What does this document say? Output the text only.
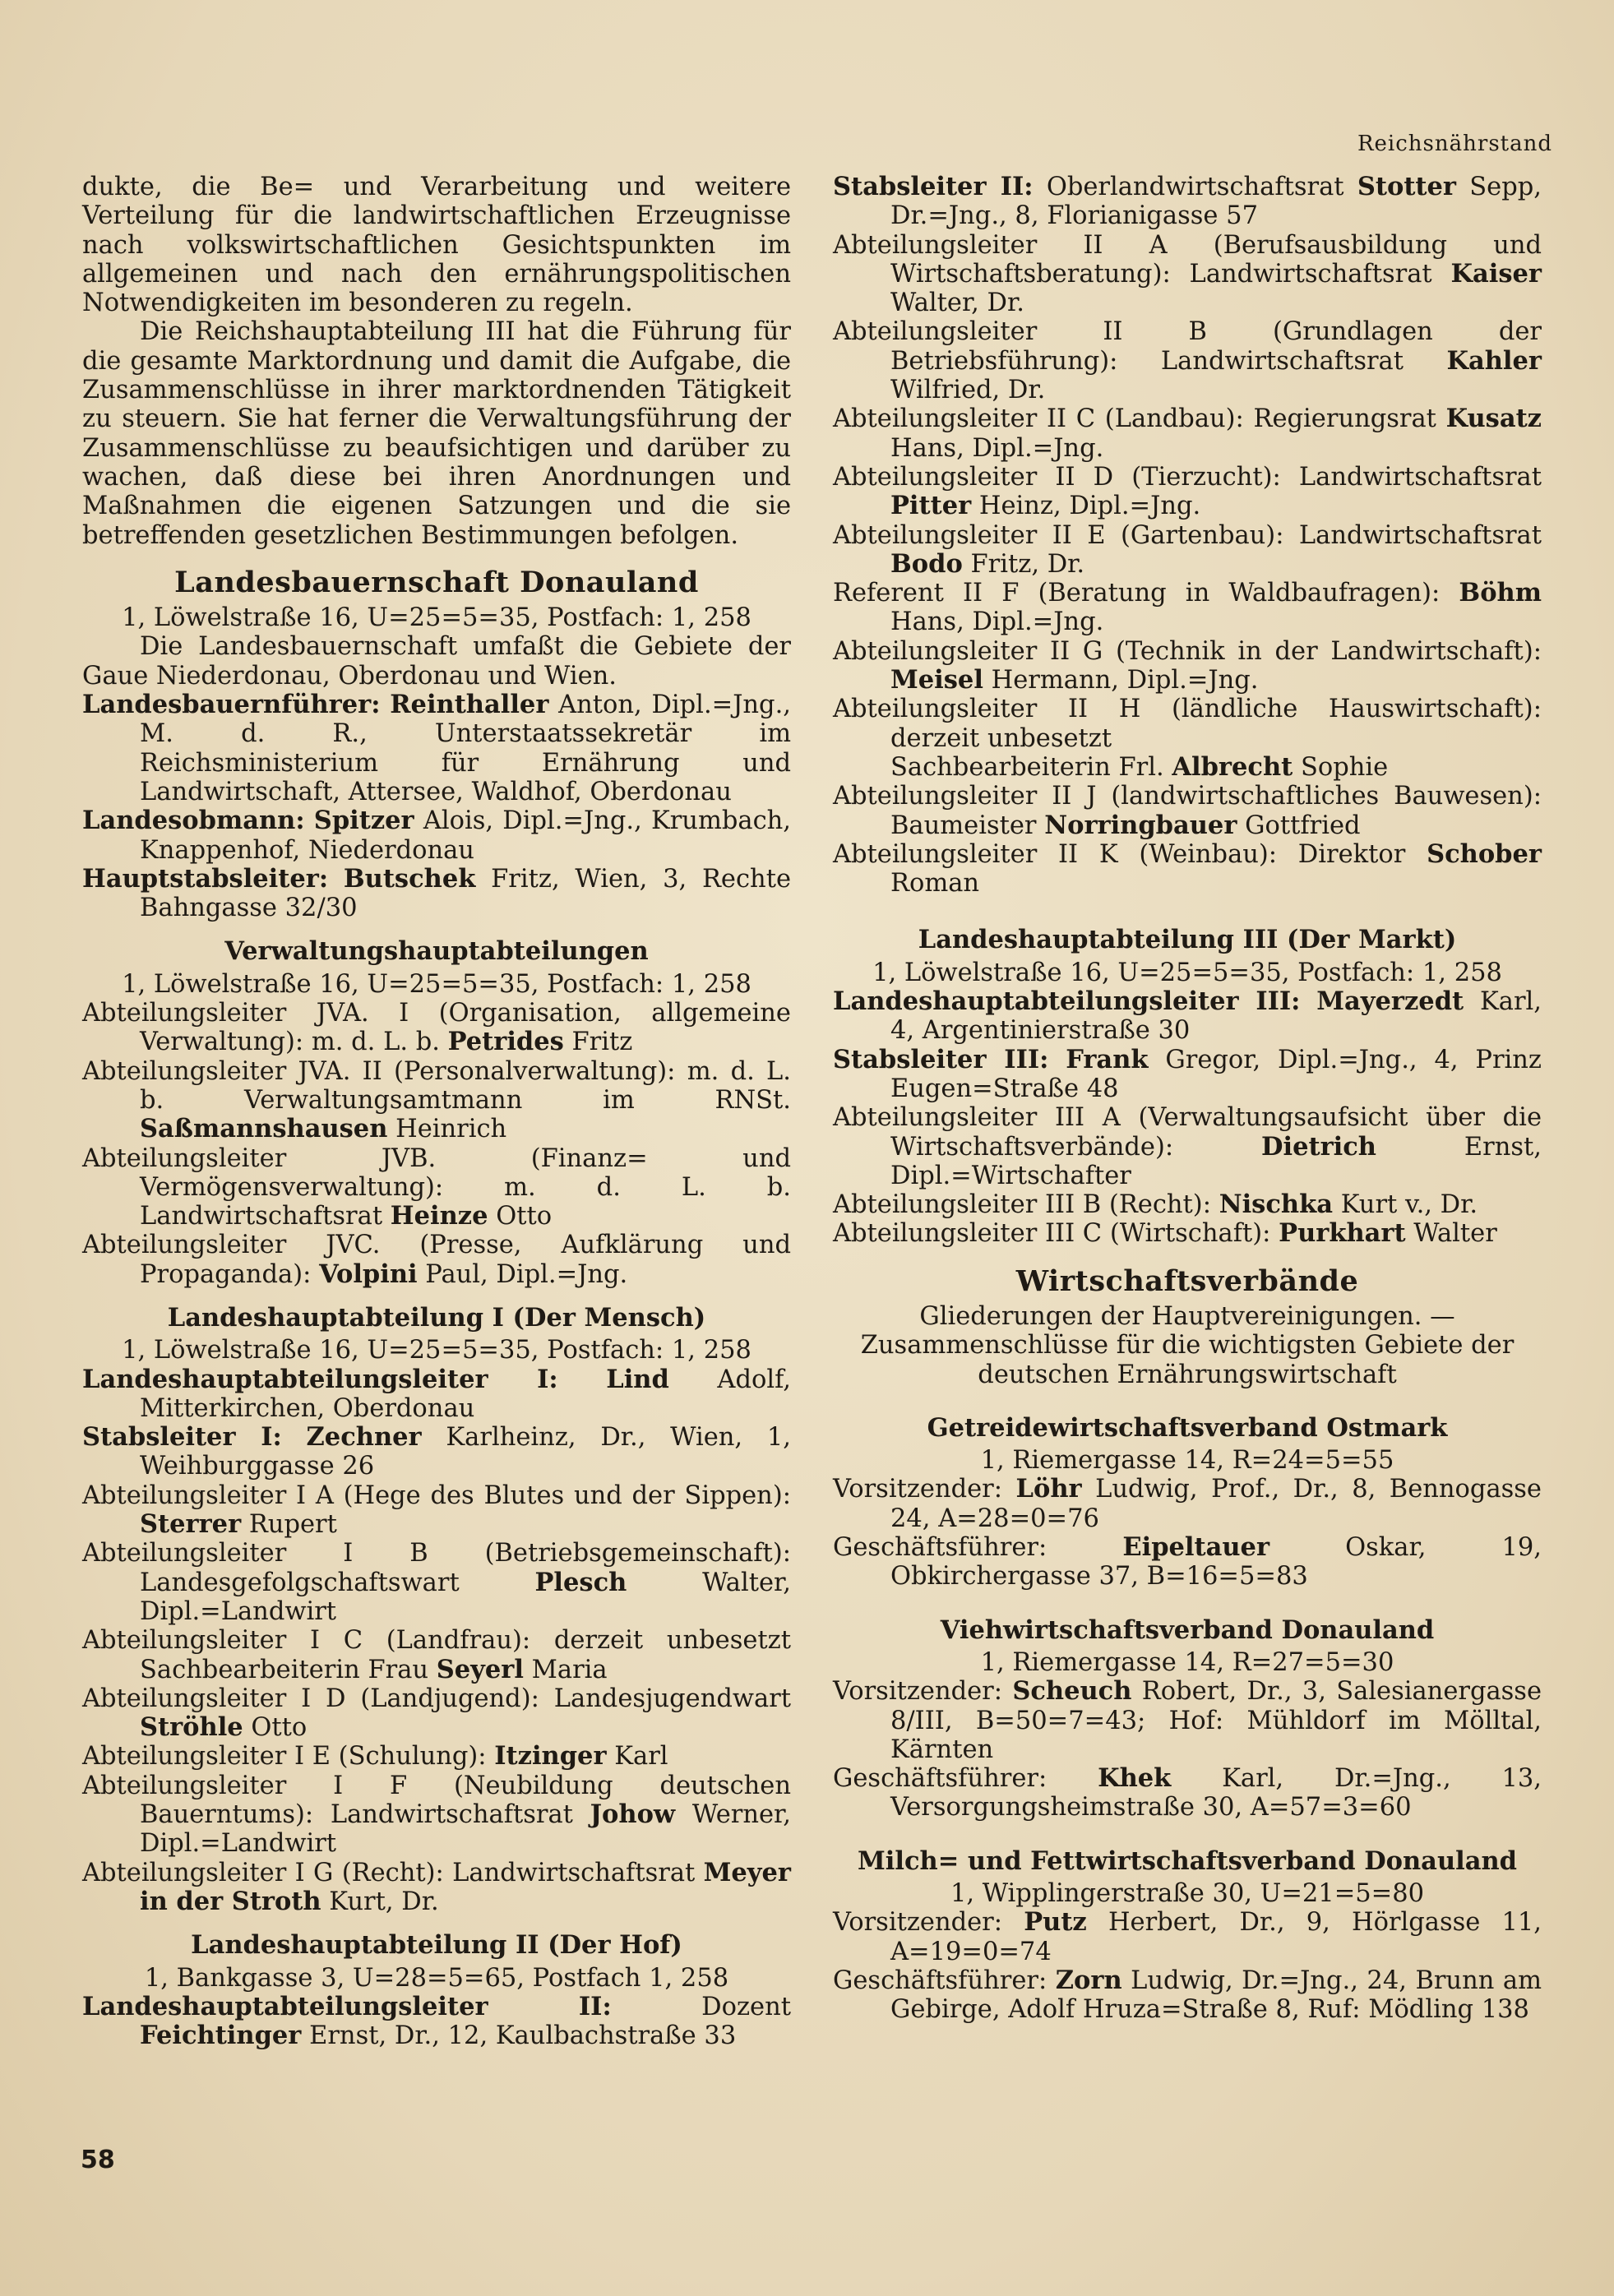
Reichsnährstand

dukte, die Be= und Verarbeitung und weitere Verteilung für die landwirtschaftlichen Erzeugnisse nach volkswirtschaftlichen Gesichtspunkten im allgemeinen und nach den ernährungspolitischen Notwendigkeiten im besonderen zu regeln.

Die Reichshauptabteilung III hat die Führung für die gesamte Marktordnung und damit die Aufgabe, die Zusammenschlüsse in ihrer marktordnenden Tätigkeit zu steuern. Sie hat ferner die Verwaltungsführung der Zusammenschlüsse zu beaufsichtigen und darüber zu wachen, daß diese bei ihren Anordnungen und Maßnahmen die eigenen Satzungen und die sie betreffenden gesetzlichen Bestimmungen befolgen.

Landesbauernschaft Donauland

1, Löwelstraße 16, U=25=5=35, Postfach: 1, 258

Die Landesbauernschaft umfaßt die Gebiete der Gaue Niederdonau, Oberdonau und Wien.

Landesbauernführer: Reinthaller Anton, Dipl.=Jng., M. d. R., Unterstaatssekretär im Reichsministerium für Ernährung und Landwirtschaft, Attersee, Waldhof, Oberdonau

Landesobmann: Spitzer Alois, Dipl.=Jng., Krumbach, Knappenhof, Niederdonau

Hauptstabsleiter: Butschek Fritz, Wien, 3, Rechte Bahngasse 32/30

Verwaltungshauptabteilungen

1, Löwelstraße 16, U=25=5=35, Postfach: 1, 258

Abteilungsleiter JVA. I (Organisation, allgemeine Verwaltung): m. d. L. b. Petrides Fritz

Abteilungsleiter JVA. II (Personalverwaltung): m. d. L. b. Verwaltungsamtmann im RNSt. Saßmannshausen Heinrich

Abteilungsleiter JVB. (Finanz= und Vermögensverwaltung): m. d. L. b. Landwirtschaftsrat Heinze Otto

Abteilungsleiter JVC. (Presse, Aufklärung und Propaganda): Volpini Paul, Dipl.=Jng.

Landeshauptabteilung I (Der Mensch)

1, Löwelstraße 16, U=25=5=35, Postfach: 1, 258

Landeshauptabteilungsleiter I: Lind Adolf, Mitterkirchen, Oberdonau

Stabsleiter I: Zechner Karlheinz, Dr., Wien, 1, Weihburggasse 26

Abteilungsleiter I A (Hege des Blutes und der Sippen): Sterrer Rupert

Abteilungsleiter I B (Betriebsgemeinschaft): Landesgefolgschaftswart	Plesch	Walter, Dipl.=Landwirt

Abteilungsleiter I C (Landfrau): derzeit unbesetzt Sachbearbeiterin Frau Seyerl Maria

Abteilungsleiter I D (Landjugend): Landesjugendwart Ströhle Otto

Abteilungsleiter I E (Schulung): Itzinger Karl

Abteilungsleiter I F (Neubildung deutschen Bauerntums): Landwirtschaftsrat Johow Werner, Dipl.=Landwirt

Abteilungsleiter I G (Recht): Landwirtschaftsrat Meyer in der Stroth Kurt, Dr.

Landeshauptabteilung II (Der Hof)

1, Bankgasse 3, U=28=5=65, Postfach 1, 258

Landeshauptabteilungsleiter II:	Dozent Feichtinger Ernst, Dr., 12, Kaulbachstraße 33

Stabsleiter II: Oberlandwirtschaftsrat Stotter Sepp, Dr.=Jng., 8, Florianigasse 57

Abteilungsleiter II A (Berufsausbildung und Wirtschaftsberatung): Landwirtschaftsrat Kaiser Walter, Dr.

Abteilungsleiter II B (Grundlagen der Betriebsführung): Landwirtschaftsrat Kahler Wilfried, Dr.

Abteilungsleiter II C (Landbau): Regierungsrat Kusatz Hans, Dipl.=Jng.

Abteilungsleiter II D (Tierzucht): Landwirtschaftsrat Pitter Heinz, Dipl.=Jng.

Abteilungsleiter II E (Gartenbau): Landwirtschaftsrat Bodo Fritz, Dr.

Referent II F (Beratung in Waldbaufragen): Böhm Hans, Dipl.=Jng.

Abteilungsleiter II G (Technik in der Landwirtschaft): Meisel Hermann, Dipl.=Jng.

Abteilungsleiter II H (ländliche Hauswirtschaft): derzeit unbesetzt
Sachbearbeiterin Frl. Albrecht Sophie

Abteilungsleiter II J (landwirtschaftliches Bauwesen): Baumeister Norringbauer Gottfried

Abteilungsleiter II K (Weinbau): Direktor Schober Roman

Landeshauptabteilung III (Der Markt)

1, Löwelstraße 16, U=25=5=35, Postfach: 1, 258

Landeshauptabteilungsleiter III: Mayerzedt Karl, 4, Argentinierstraße 30

Stabsleiter III: Frank Gregor, Dipl.=Jng., 4, Prinz Eugen=Straße 48

Abteilungsleiter III A (Verwaltungsaufsicht über die Wirtschaftsverbände):	Dietrich	Ernst, Dipl.=Wirtschafter

Abteilungsleiter III B (Recht): Nischka Kurt v., Dr.

Abteilungsleiter III C (Wirtschaft): Purkhart Walter

Wirtschaftsverbände

Gliederungen der Hauptvereinigungen. — Zusammenschlüsse für die wichtigsten Gebiete der deutschen Ernährungswirtschaft

Getreidewirtschaftsverband Ostmark

1, Riemergasse 14, R=24=5=55

Vorsitzender: Löhr Ludwig, Prof., Dr., 8, Bennogasse 24, A=28=0=76

Geschäftsführer:	Eipeltauer	Oskar, 19, Obkirchergasse 37, B=16=5=83

Viehwirtschaftsverband Donauland

1, Riemergasse 14, R=27=5=30

Vorsitzender: Scheuch Robert, Dr., 3, Salesianergasse 8/III, B=50=7=43; Hof: Mühldorf im Mölltal, Kärnten

Geschäftsführer: Khek Karl, Dr.=Jng., 13, Versorgungsheimstraße 30, A=57=3=60

Milch= und Fettwirtschaftsverband Donauland

1, Wipplingerstraße 30, U=21=5=80

Vorsitzender: Putz Herbert, Dr., 9, Hörlgasse 11, A=19=0=74

Geschäftsführer: Zorn Ludwig, Dr.=Jng., 24, Brunn am Gebirge, Adolf Hruza=Straße 8, Ruf: Mödling 138

58
